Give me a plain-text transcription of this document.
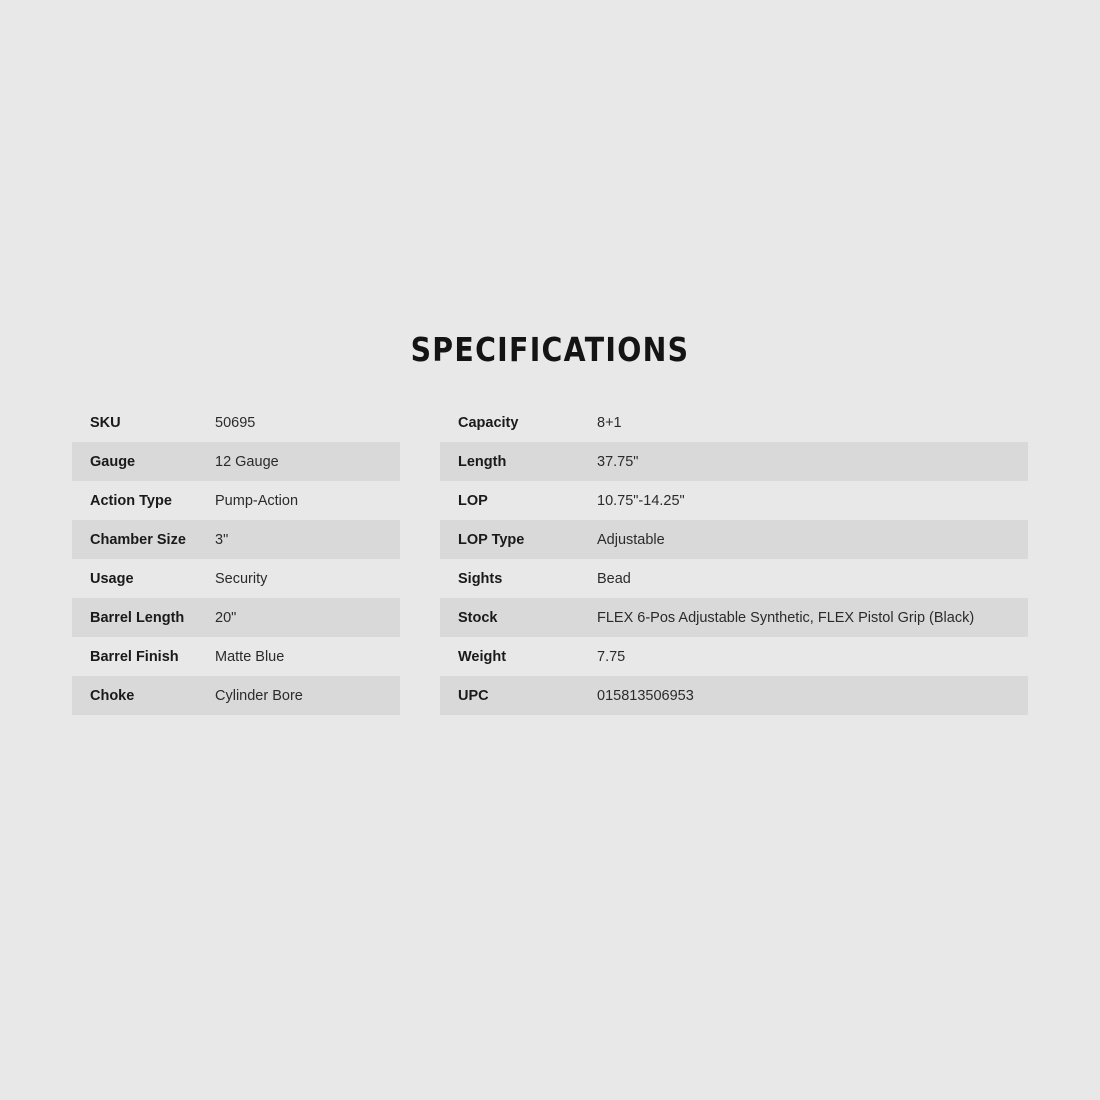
SPECIFICATIONS
SKU	50695
Gauge	12 Gauge
Action Type	Pump-Action
Chamber Size	3"
Usage	Security
Barrel Length	20"
Barrel Finish	Matte Blue
Choke	Cylinder Bore
Capacity	8+1
Length	37.75"
LOP	10.75"-14.25"
LOP Type	Adjustable
Sights	Bead
Stock	FLEX 6-Pos Adjustable Synthetic, FLEX Pistol Grip (Black)
Weight	7.75
UPC	015813506953
